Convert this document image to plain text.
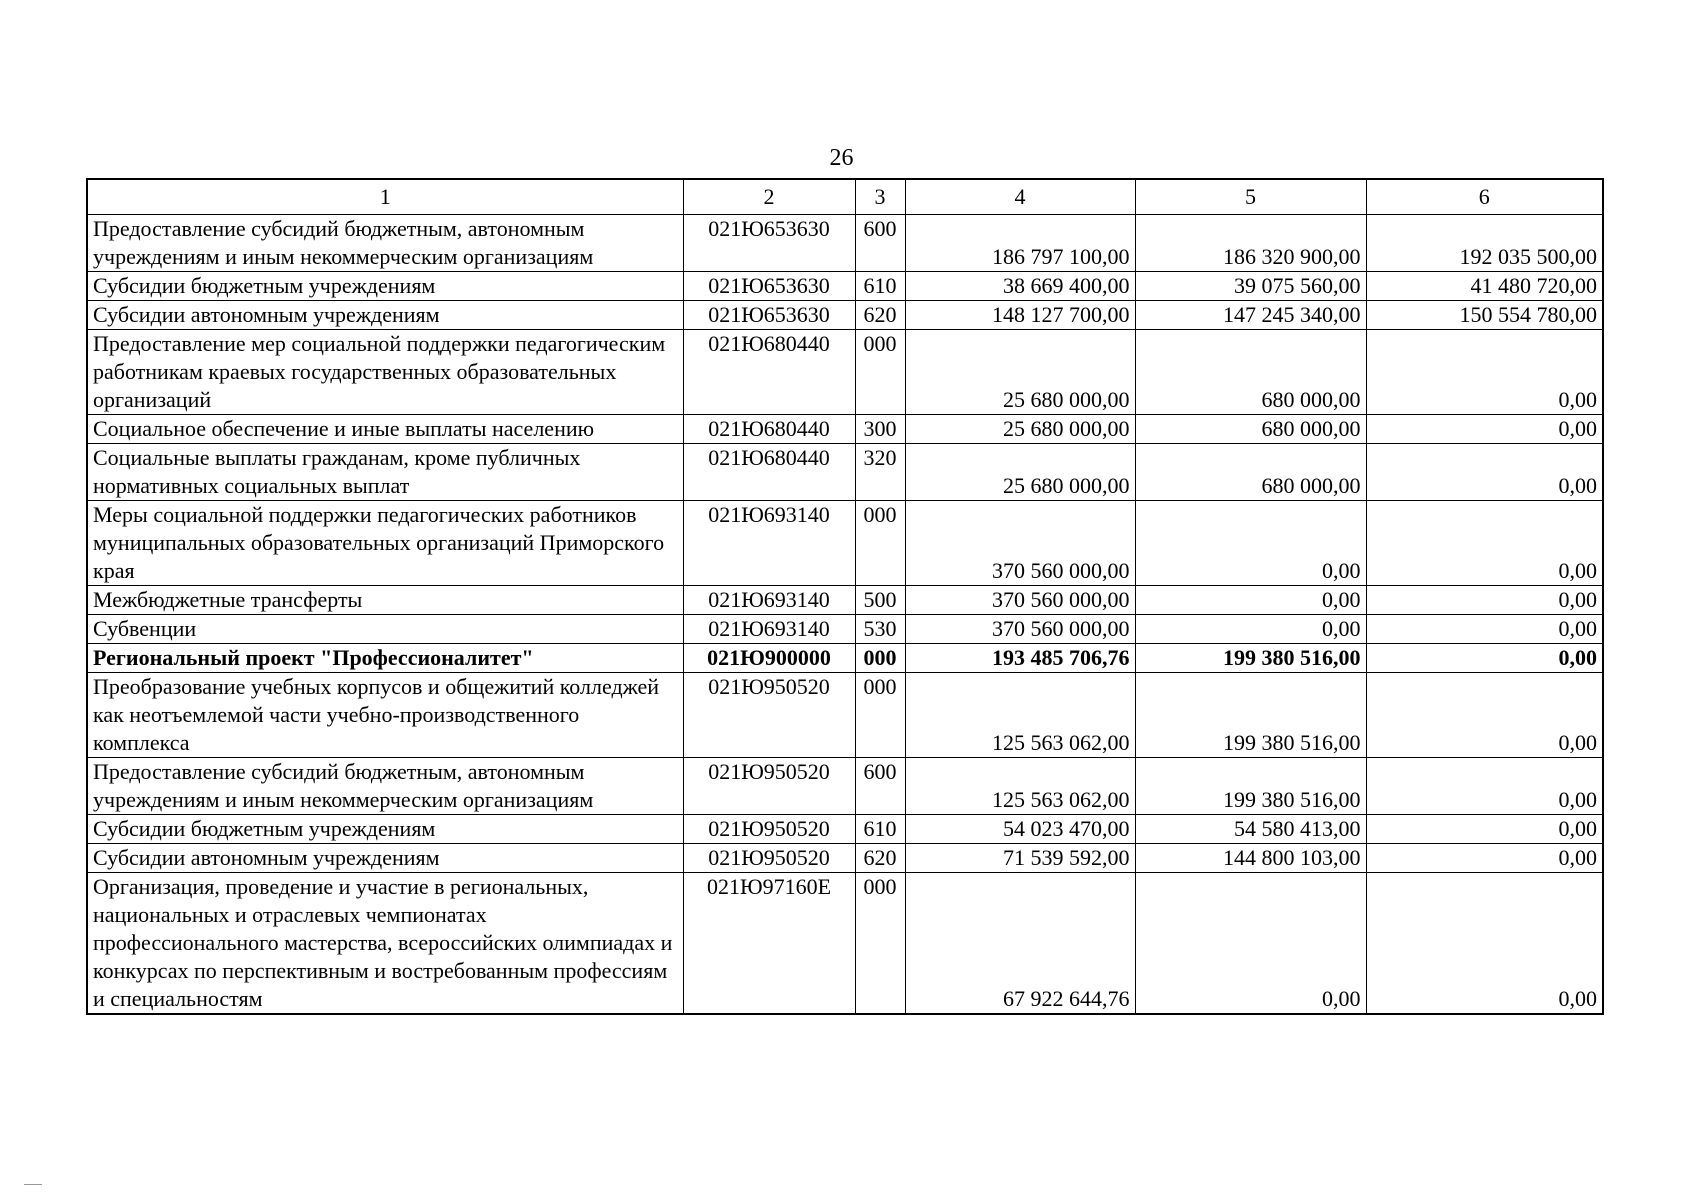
26
1	2	3	4	5	6
Предоставление субсидий бюджетным, автономным учреждениям и иным некоммерческим организациям	021Ю653630	600	186 797 100,00	186 320 900,00	192 035 500,00
Субсидии бюджетным учреждениям	021Ю653630	610	38 669 400,00	39 075 560,00	41 480 720,00
Субсидии автономным учреждениям	021Ю653630	620	148 127 700,00	147 245 340,00	150 554 780,00
Предоставление мер социальной поддержки педагогическим работникам краевых государственных образовательных организаций	021Ю680440	000	25 680 000,00	680 000,00	0,00
Социальное обеспечение и иные выплаты населению	021Ю680440	300	25 680 000,00	680 000,00	0,00
Социальные выплаты гражданам, кроме публичных нормативных социальных выплат	021Ю680440	320	25 680 000,00	680 000,00	0,00
Меры социальной поддержки педагогических работников муниципальных образовательных организаций Приморского края	021Ю693140	000	370 560 000,00	0,00	0,00
Межбюджетные трансферты	021Ю693140	500	370 560 000,00	0,00	0,00
Субвенции	021Ю693140	530	370 560 000,00	0,00	0,00
Региональный проект "Профессионалитет"	021Ю900000	000	193 485 706,76	199 380 516,00	0,00
Преобразование учебных корпусов и общежитий колледжей как неотъемлемой части учебно-производственного комплекса	021Ю950520	000	125 563 062,00	199 380 516,00	0,00
Предоставление субсидий бюджетным, автономным учреждениям и иным некоммерческим организациям	021Ю950520	600	125 563 062,00	199 380 516,00	0,00
Субсидии бюджетным учреждениям	021Ю950520	610	54 023 470,00	54 580 413,00	0,00
Субсидии автономным учреждениям	021Ю950520	620	71 539 592,00	144 800 103,00	0,00
Организация, проведение и участие в региональных, национальных и отраслевых чемпионатах профессионального мастерства, всероссийских олимпиадах и конкурсах по перспективным и востребованным профессиям и специальностям	021Ю97160Е	000	67 922 644,76	0,00	0,00
